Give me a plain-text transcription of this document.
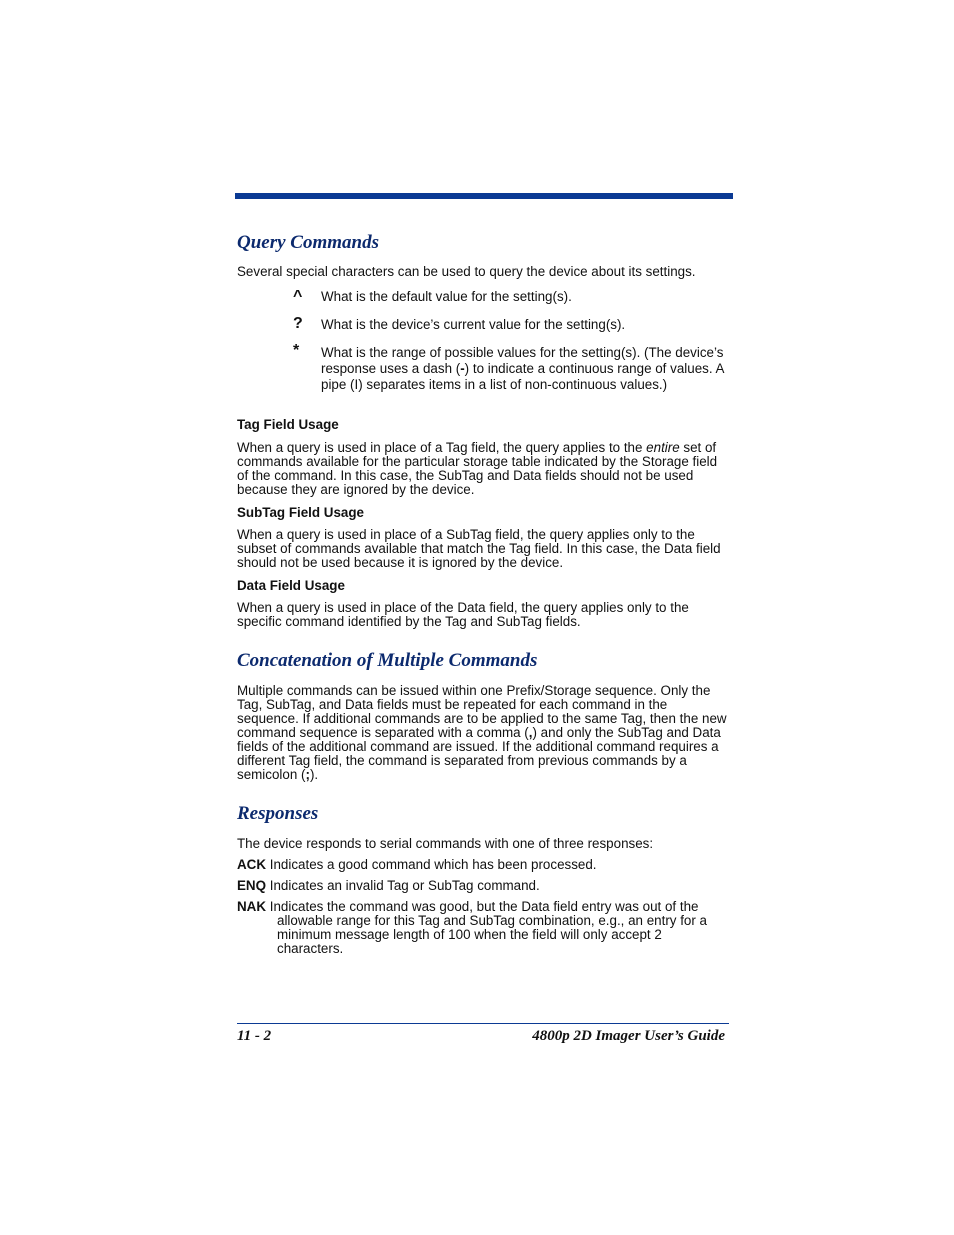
Query Commands

Several special characters can be used to query the device about its settings.

^	What is the default value for the setting(s).

?	What is the device’s current value for the setting(s).

*	What is the range of possible values for the setting(s). (The device’s response uses a dash (-) to indicate a continuous range of values. A pipe (I) separates items in a list of non-continuous values.)

Tag Field Usage

When a query is used in place of a Tag field, the query applies to the entire set of commands available for the particular storage table indicated by the Storage field of the command. In this case, the SubTag and Data fields should not be used because they are ignored by the device.

SubTag Field Usage

When a query is used in place of a SubTag field, the query applies only to the subset of commands available that match the Tag field. In this case, the Data field should not be used because it is ignored by the device.

Data Field Usage

When a query is used in place of the Data field, the query applies only to the specific command identified by the Tag and SubTag fields.

Concatenation of Multiple Commands

Multiple commands can be issued within one Prefix/Storage sequence. Only the Tag, SubTag, and Data fields must be repeated for each command in the sequence. If additional commands are to be applied to the same Tag, then the new command sequence is separated with a comma (,) and only the SubTag and Data fields of the additional command are issued. If the additional command requires a different Tag field, the command is separated from previous commands by a semicolon (;).

Responses

The device responds to serial commands with one of three responses:

ACK Indicates a good command which has been processed.

ENQ Indicates an invalid Tag or SubTag command.

NAK Indicates the command was good, but the Data field entry was out of the
allowable range for this Tag and SubTag combination, e.g., an entry for a minimum message length of 100 when the field will only accept 2 characters.

11 - 2	4800p 2D Imager User’s Guide
